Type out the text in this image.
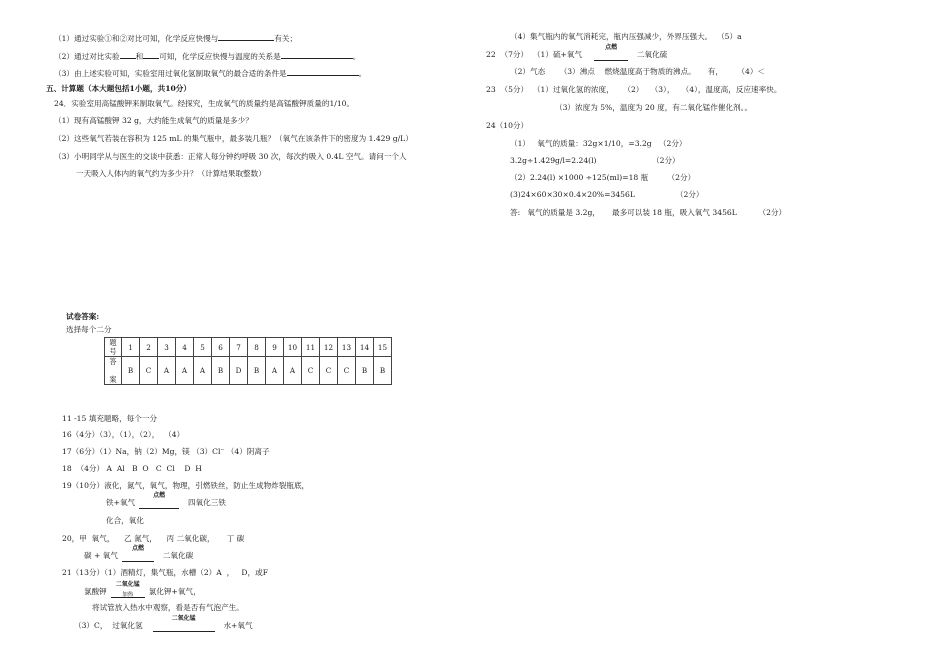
（1）通过实验①和②对比可知，化学反应快慢与	有关；
（2）通过对比实验 和 可知，化学反应快慢与温度的关系是	。
（3）由上述实验可知，实验室用过氧化氢制取氧气的最合适的条件是	。
五、计算题（本大题包括1小题，共10分）
24．实验室用高锰酸钾来制取氧气。经探究，生成氧气的质量约是高锰酸钾质量的1/10。
（1）现有高锰酸钾 32 g，大约能生成氧气的质量是多少？
（2）这些氧气若装在容积为 125 mL 的集气瓶中，最多装几瓶？（氧气在该条件下的密度为 1.429 g/L）
（3）小明同学从与医生的交谈中获悉：正常人每分钟约呼吸 30 次，每次约吸入 0.4L 空气。请问一个人
一天吸入人体内的氧气约为多少升？（计算结果取整数）
试卷答案:
选择每个二分
题
号	1	2	3	4	5	6	7	8	9	10	11	12	13	14	15
答

案	B	C	A	A	A	B	D	B	A	A	C	C	C	B	B
11 -15 填充题略，每个一分
16（4分）（3），（1），（2），  （4）
17（6分）（1）Na，钠（2）Mg，镁 （3）Cl⁻ （4）阴离子
18  （4分） A  Al   B  O   C  Cl    D  H
19（10分）液化，氮气，氧气，物理，引燃铁丝，防止生成物炸裂瓶底，
铁+氧气
点燃
四氧化三铁
化合，氧化
20，甲  氧气，    乙 氮气，    丙 二氧化碳，     丁 碳
碳 + 氧气
点燃
二氧化碳
21（13分）（1）酒精灯，集气瓶，水槽（2）A  ，   D，或F
氯酸钾
二氧化锰
加热	氯化钾+氧气，
将试管放入热水中观察，看是否有气泡产生。
（3）C，  过氧化氢
二氧化锰
水+氧气
（4）集气瓶内的氧气消耗完，瓶内压强减少，外界压强大。  （5）a
22  （7分）  （1）硫+氧气
点燃
二氧化硫
（2）气态      （3）沸点    燃烧温度高于物质的沸点。     有，      （4）＜
23  （5分）  （1）过氧化氢的浓度，    （2）   （3），   （4），温度高，反应速率快。
（3）浓度为 5%，温度为 20 度，有二氧化锰作催化剂。。
24（10分）
（1）   氧气的质量：32g×1/10，=3.2g   （2分）
3.2g÷1.429g/l=2.24(l)                       （2分）
（2）2.24(l) ×1000 ÷125(ml)=18 瓶        （2分）
(3)24×60×30×0.4×20%=3456L                 （2分）
答:   氧气的质量是 3.2g，     最多可以装 18 瓶，吸入氧气 3456L         （2分）
